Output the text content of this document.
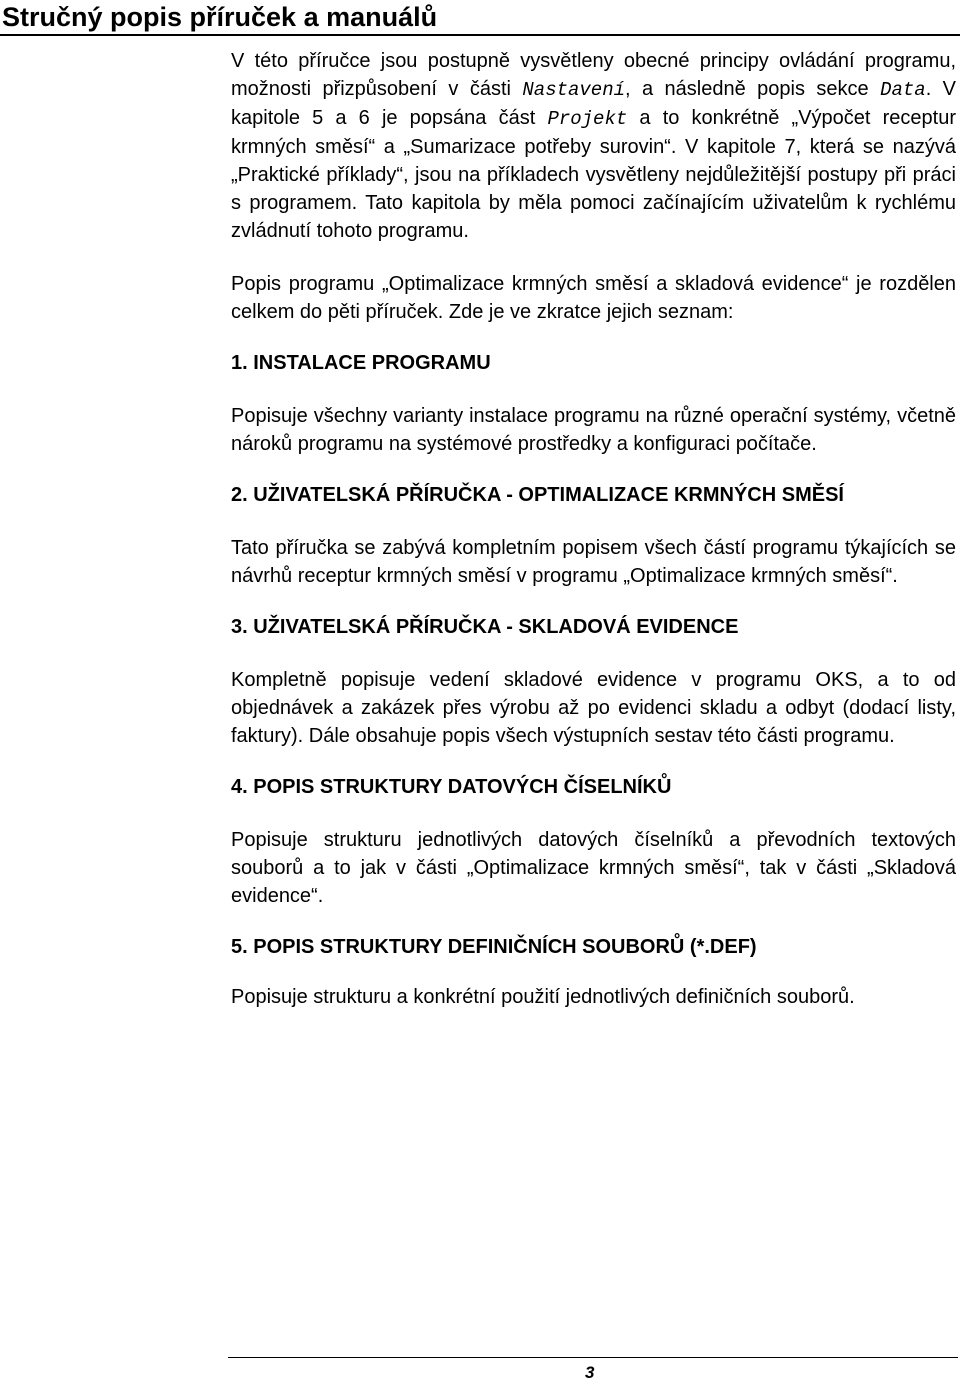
Stručný popis příruček a manuálů

V této příručce jsou postupně vysvětleny obecné principy ovládání programu, možnosti přizpůsobení v části Nastavení, a následně popis sekce Data. V kapitole 5 a 6 je popsána část Projekt a to konkrétně „Výpočet receptur krmných směsí“ a „Sumarizace potřeby surovin“. V kapitole 7, která se nazývá „Praktické příklady“, jsou na příkladech vysvětleny nejdůležitější postupy při práci s programem. Tato kapitola by měla pomoci začínajícím uživatelům k rychlému zvládnutí tohoto programu.

Popis programu „Optimalizace krmných směsí a skladová evidence“ je rozdělen celkem do pěti příruček. Zde je ve zkratce jejich seznam:

1. INSTALACE PROGRAMU

Popisuje všechny varianty instalace programu na různé operační systémy, včetně nároků programu na systémové prostředky a konfiguraci počítače.

2. UŽIVATELSKÁ PŘÍRUČKA - OPTIMALIZACE KRMNÝCH SMĚSÍ

Tato příručka se zabývá kompletním popisem všech částí programu týkajících se návrhů receptur krmných směsí v programu „Optimalizace krmných směsí“.

3. UŽIVATELSKÁ PŘÍRUČKA - SKLADOVÁ EVIDENCE

Kompletně popisuje vedení skladové evidence v programu OKS, a to od objednávek a zakázek přes výrobu až po evidenci skladu a odbyt (dodací listy, faktury). Dále obsahuje popis všech výstupních sestav této části programu.

4. POPIS STRUKTURY DATOVÝCH ČÍSELNÍKŮ

Popisuje strukturu jednotlivých datových číselníků a převodních textových souborů a to jak v části „Optimalizace krmných směsí“, tak v části „Skladová evidence“.

5. POPIS STRUKTURY DEFINIČNÍCH SOUBORŮ (*.DEF)

Popisuje strukturu a konkrétní použití jednotlivých definičních souborů.

3
